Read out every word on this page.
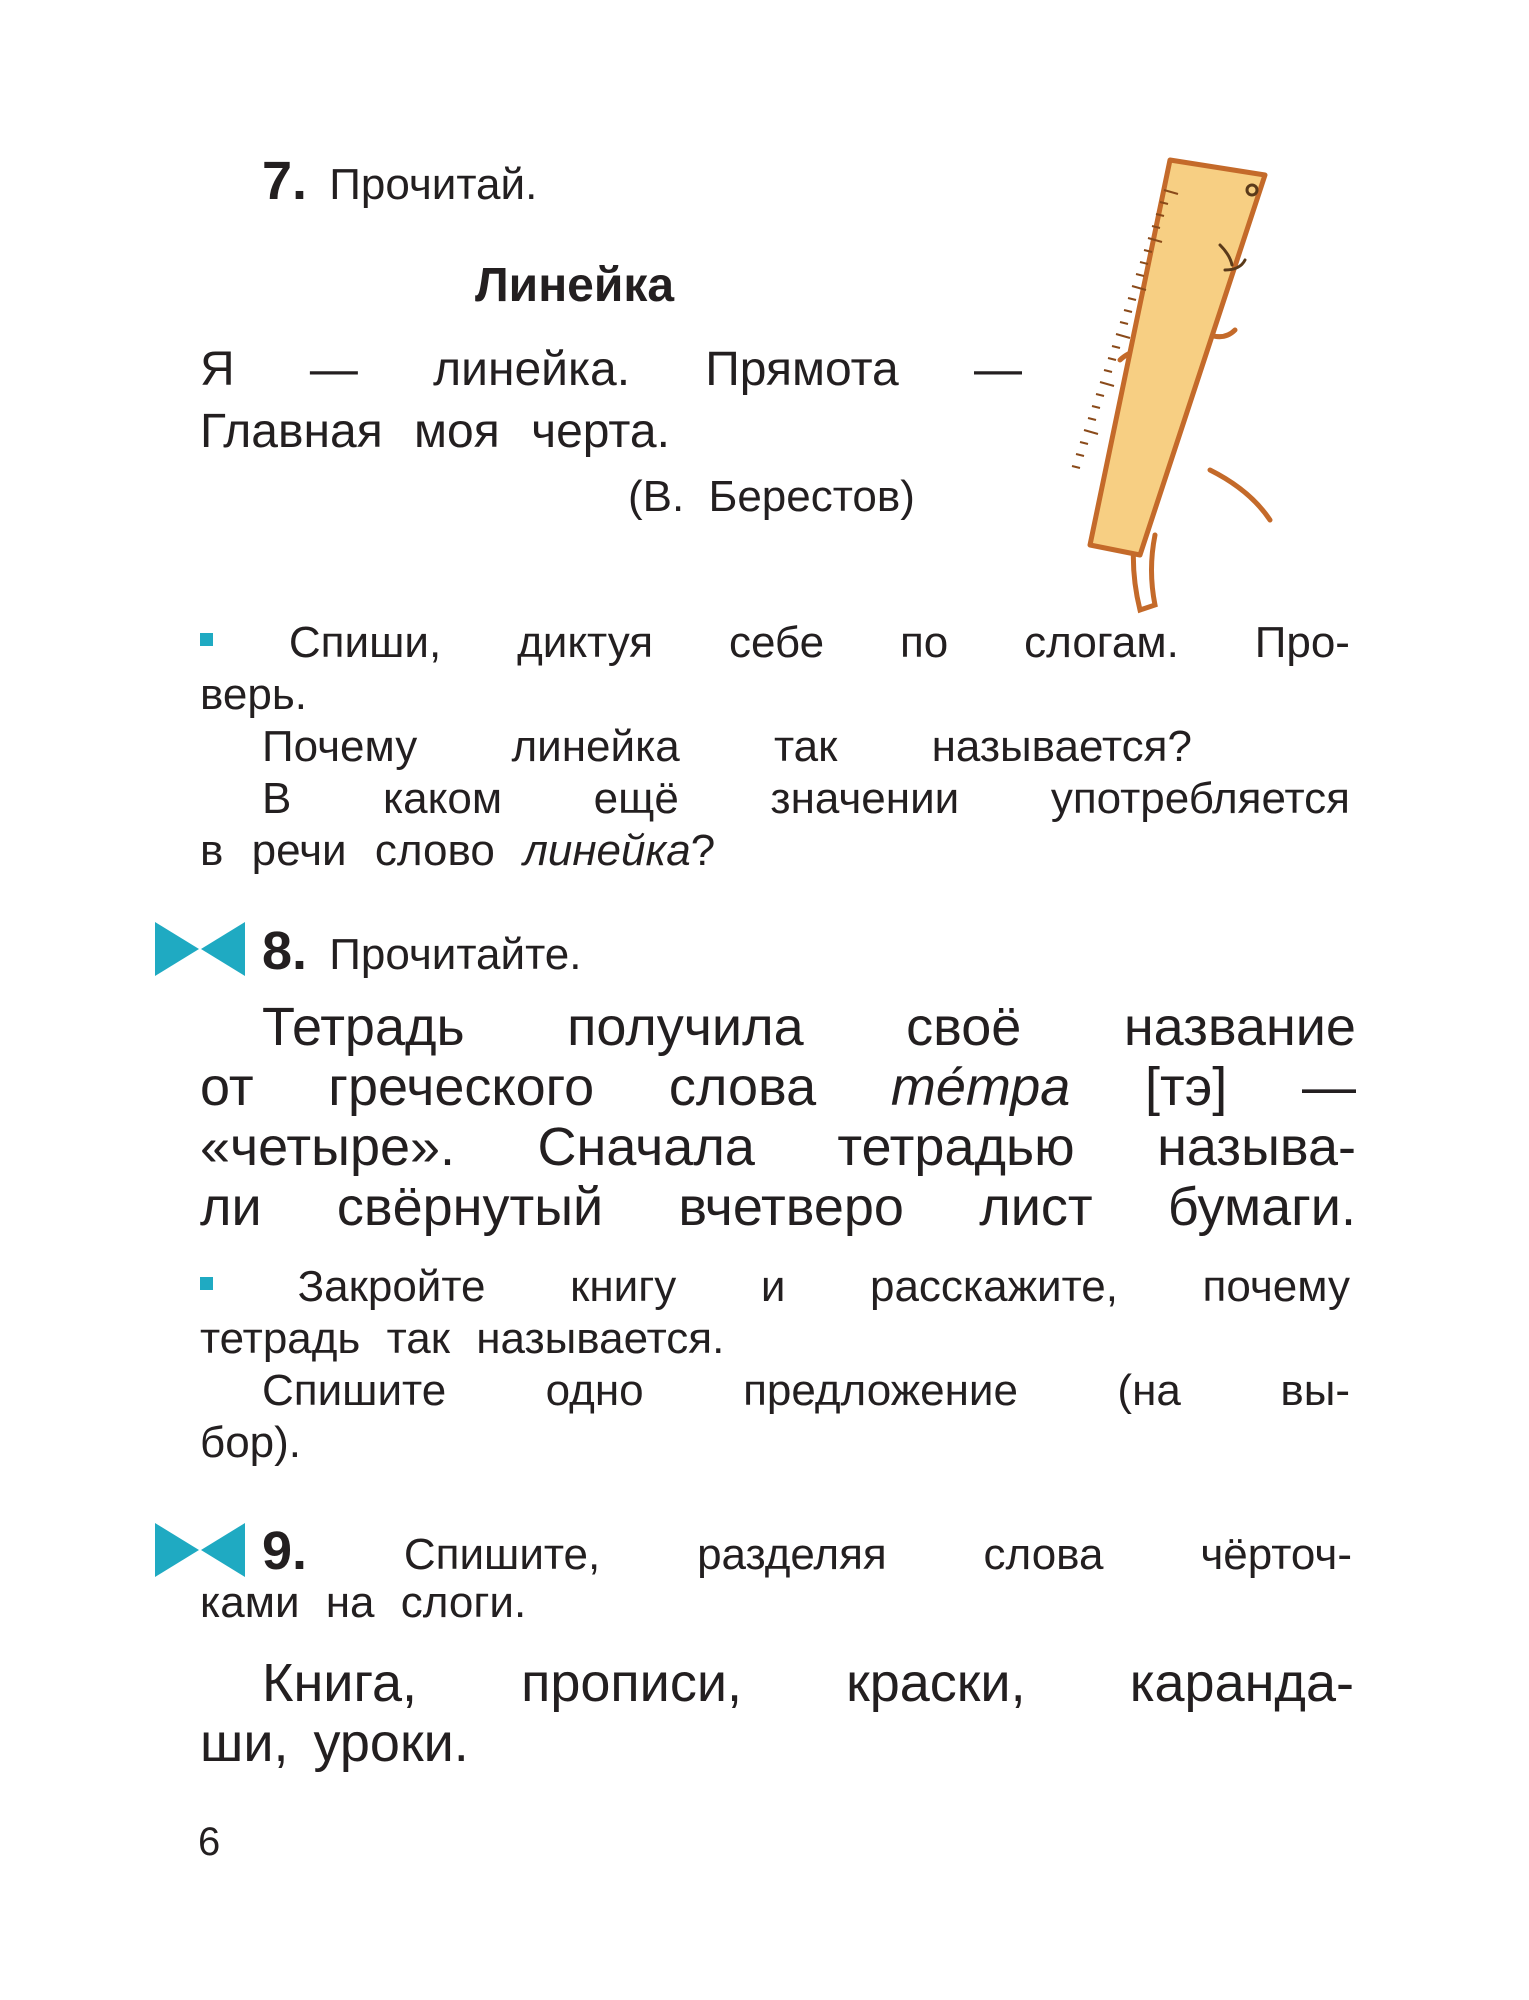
7. Прочитай.
Линейка
Я — линейка. Прямота —
Главная моя черта.
(В. Берестов)
Спиши, диктуя себе по слогам. Про-
верь.
Почему линейка так называется?
В каком ещё значении употребляется
в речи слово линейка?
8. Прочитайте.
Тетрадь получила своё название
от греческого слова те́тра [тэ] —
«четыре». Сначала тетрадью называ-
ли свёрнутый вчетверо лист бумаги.
Закройте книгу и расскажите, почему
тетрадь так называется.
Спишите одно предложение (на вы-
бор).
9. Спишите, разделяя слова чёрточ-
ками на слоги.
Книга, прописи, краски, каранда-
ши, уроки.
6
